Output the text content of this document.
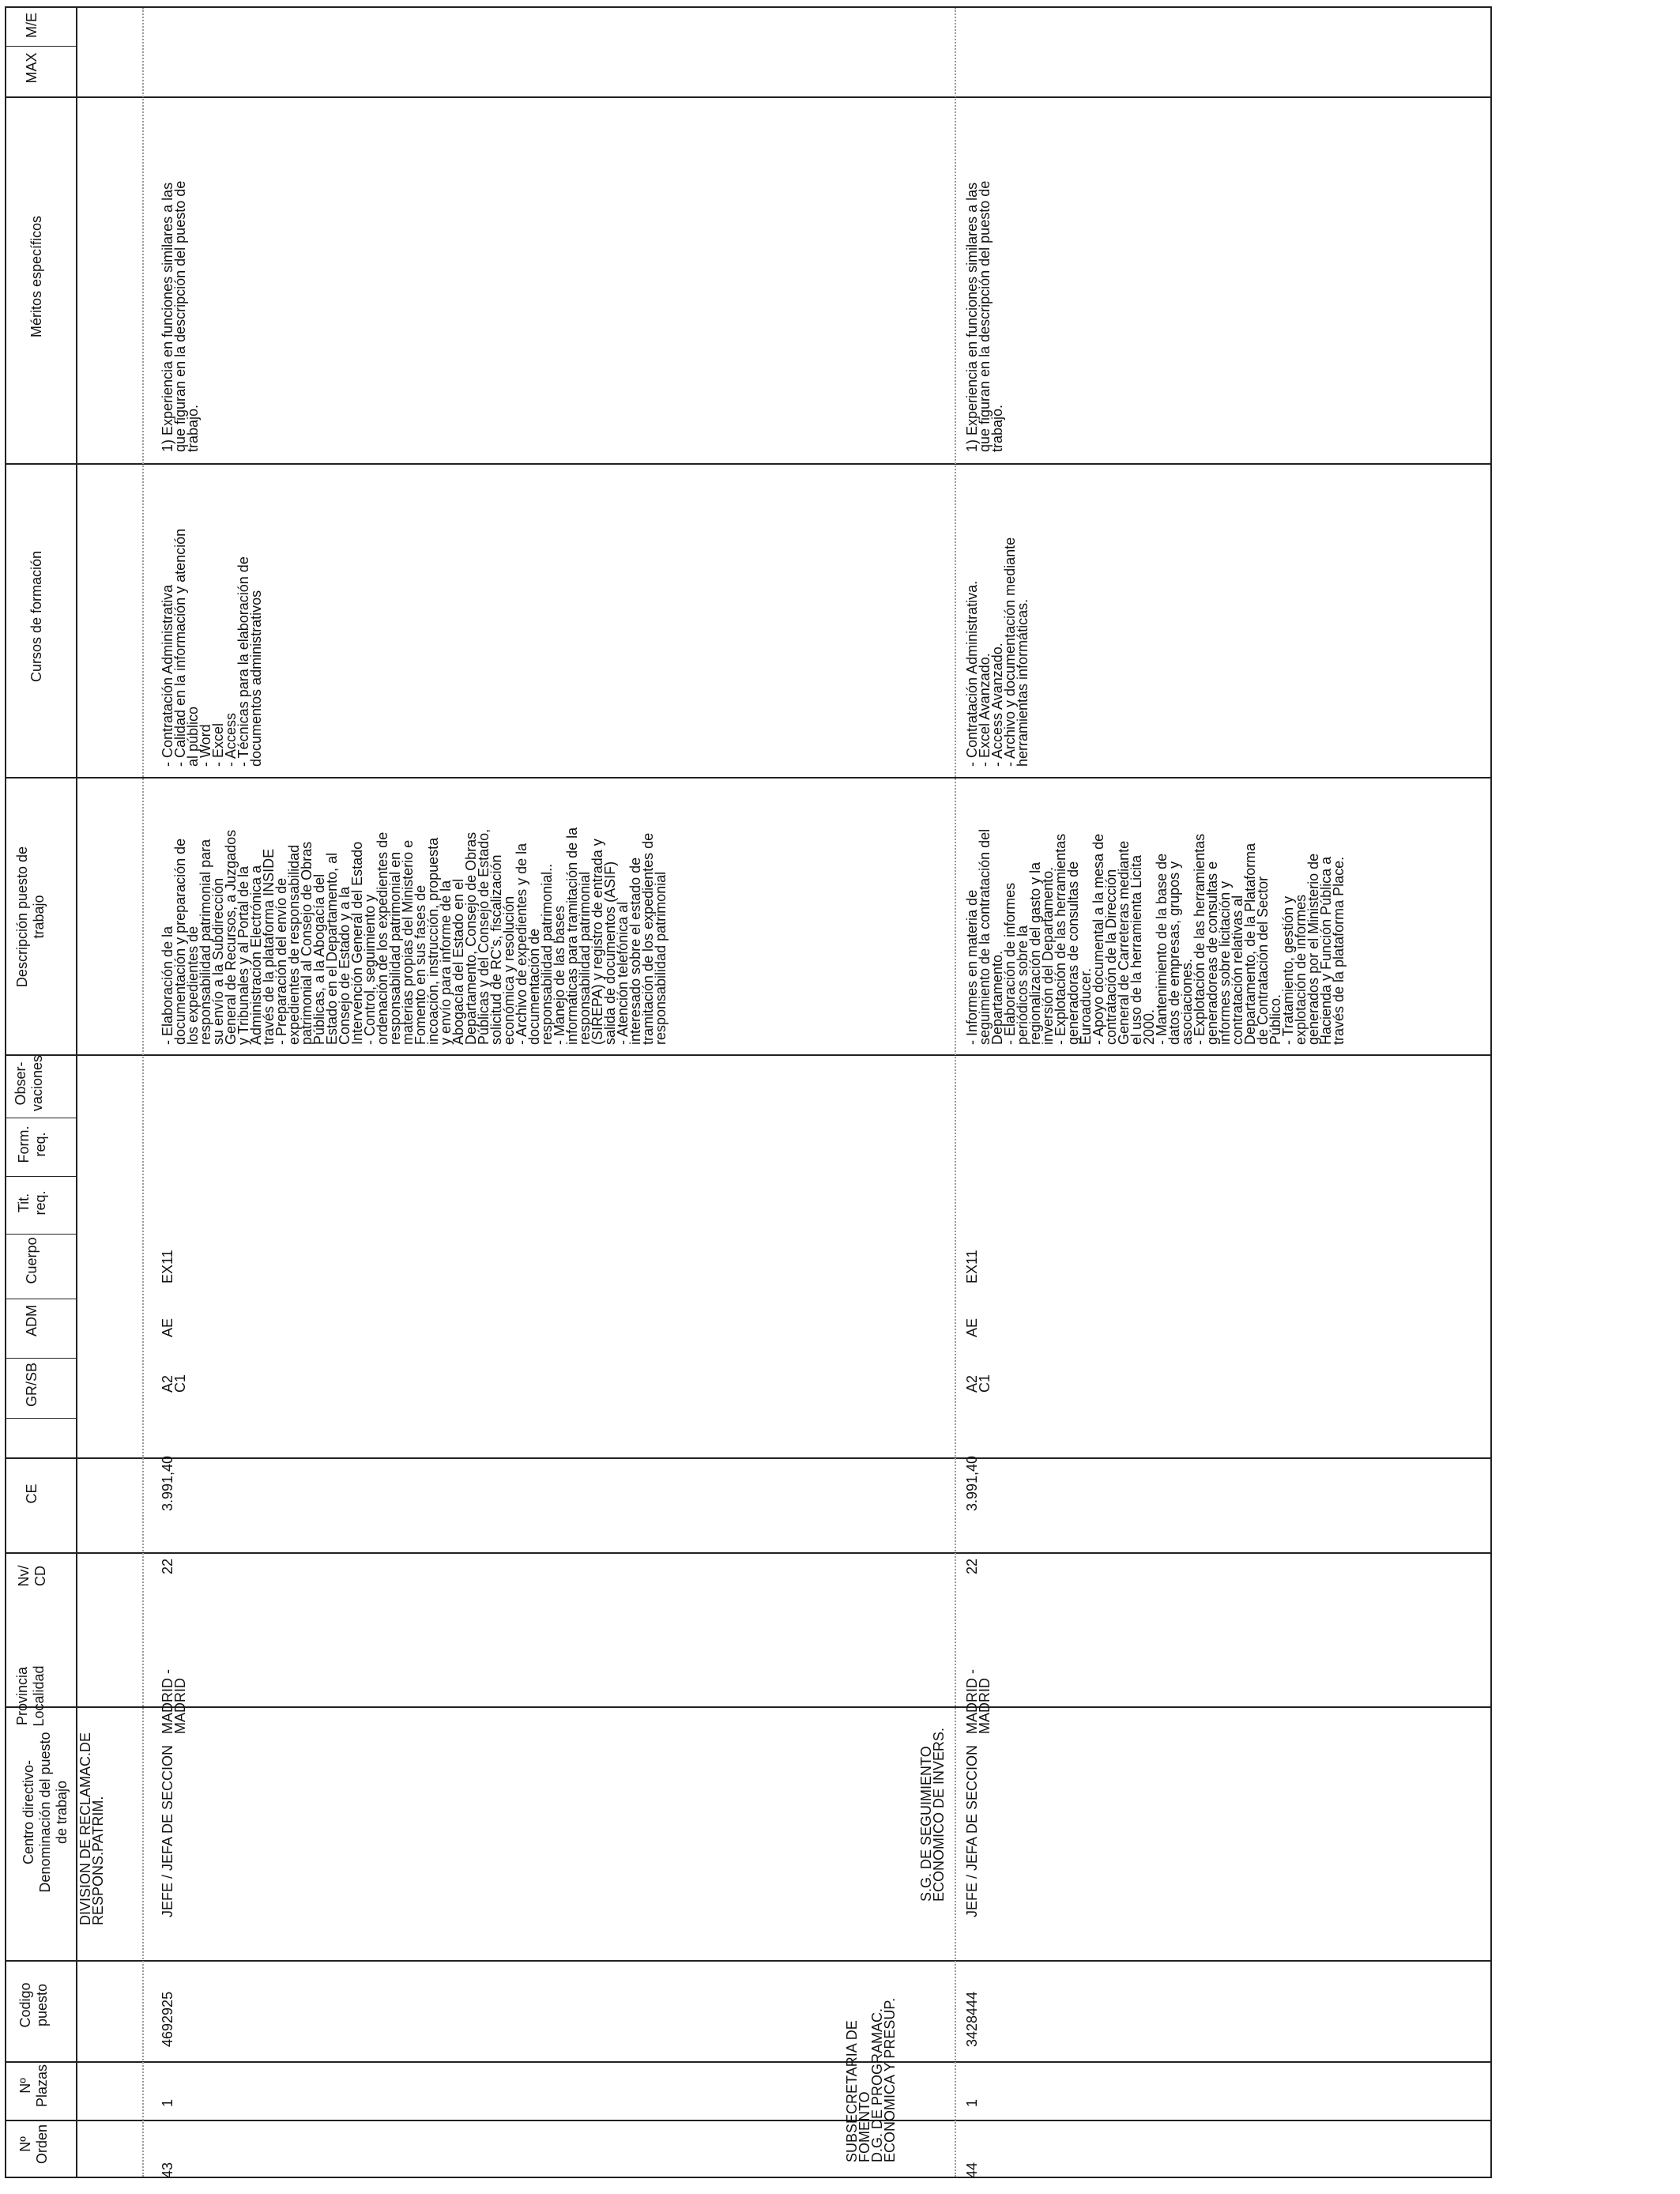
M/E
MAX
Méritos específicos
Cursos de formación
Descripción puesto de
trabajo
Obser-
vaciones
Form.
req.
Tit.
req.
Cuerpo
ADM
GR/SB
CE
Nv/
CD
Provincia
Localidad
Centro directivo-
Denominación del puesto
de trabajo
Codigo
puesto
Nº
Plazas
Nº
Orden
DIVISION DE RECLAMAC.DE
RESPONS.PATRIM.
SUBSECRETARIA DE
FOMENTO
D.G. DE PROGRAMAC.
ECONOMICA Y PRESUP.
S.G. DE SEGUIMIENTO
ECONOMICO DE INVERS.
43
1
4692925
JEFE / JEFA DE SECCION
MADRID -
MADRID
22
3.991,40
A2
C1
AE
EX11
- Elaboración de la
documentación y preparación de
los expedientes de
responsabilidad patrimonial para
su envío a la Subdirección
General de Recursos, a Juzgados
y Tribunales y al Portal de la
Administración Electrónica a
través de la plataforma INSIDE
- Preparación del envío de
expedientes de responsabilidad
patrimonial al Consejo de Obras
Públicas, a la Abogacía del
Estado en el Departamento, al
Consejo de Estado y a la
Intervención General del Estado
- Control, seguimiento y
ordenación de los expedientes de
responsabilidad patrimonial en
materias propias del Ministerio e
Fomento en sus fases de
incoación, instrucción, propuesta
y envío para informe de la
Abogacía del Estado en el
Departamento, Consejo de Obras
Públicas y del Consejo de Estado,
solicitud de RC's, fiscalización
económica y resolución
- Archivo de expedientes y de la
documentación de
responsabilidad patrimonial..
- Manejo de las bases
informáticas para tramitación de la
responsabilidad patrimonial
(SIREPA) y registro de entrada y
salida de documentos (ASIF)
- Atención telefónica al
interesado sobre el estado de
tramitación de los expedientes de
responsabilidad patrimonial
- Contratación Administrativa
- Calidad en la información y atención
al público
- Word
- Excel
- Access
- Técnicas para la elaboración de
documentos administrativos
1) Experiencia en funciones similares a las
que figuran en la descripción del puesto de
trabajo.
44
1
3428444
JEFE / JEFA DE SECCION
MADRID -
MADRID
22
3.991,40
A2
C1
AE
EX11
- Informes en materia de
seguimiento de la contratación del
Departamento.
- Elaboración de informes
periódicos sobre la
regionalización del gasto y la
inversión del Departamento.
- Explotación de las herramientas
generadoras de consultas de
Euroaducer.
- Apoyo documental a la mesa de
contratación de la Dirección
General de Carreteras mediante
el uso de la herramienta Licita
2000.
- Mantenimiento de la base de
datos de empresas, grupos y
asociaciones.
- Explotación de las herramientas
generadoreas de consultas e
informes sobre licitación y
contratación relativas al
Departamento, de la Plataforma
de Contratación del Sector
Público.
- Tratamiento, gestión y
explotación de informes
generados por el Ministerio de
Hacienda y Función Pública a
través de la plataforma Place.
- Contratación Administrativa.
- Excel Avanzado.
- Access Avanzado.
- Archivo y documentación mediante
herramientas informáticas.
1) Experiencia en funciones similares a las
que figuran en la descripción del puesto de
trabajo.
